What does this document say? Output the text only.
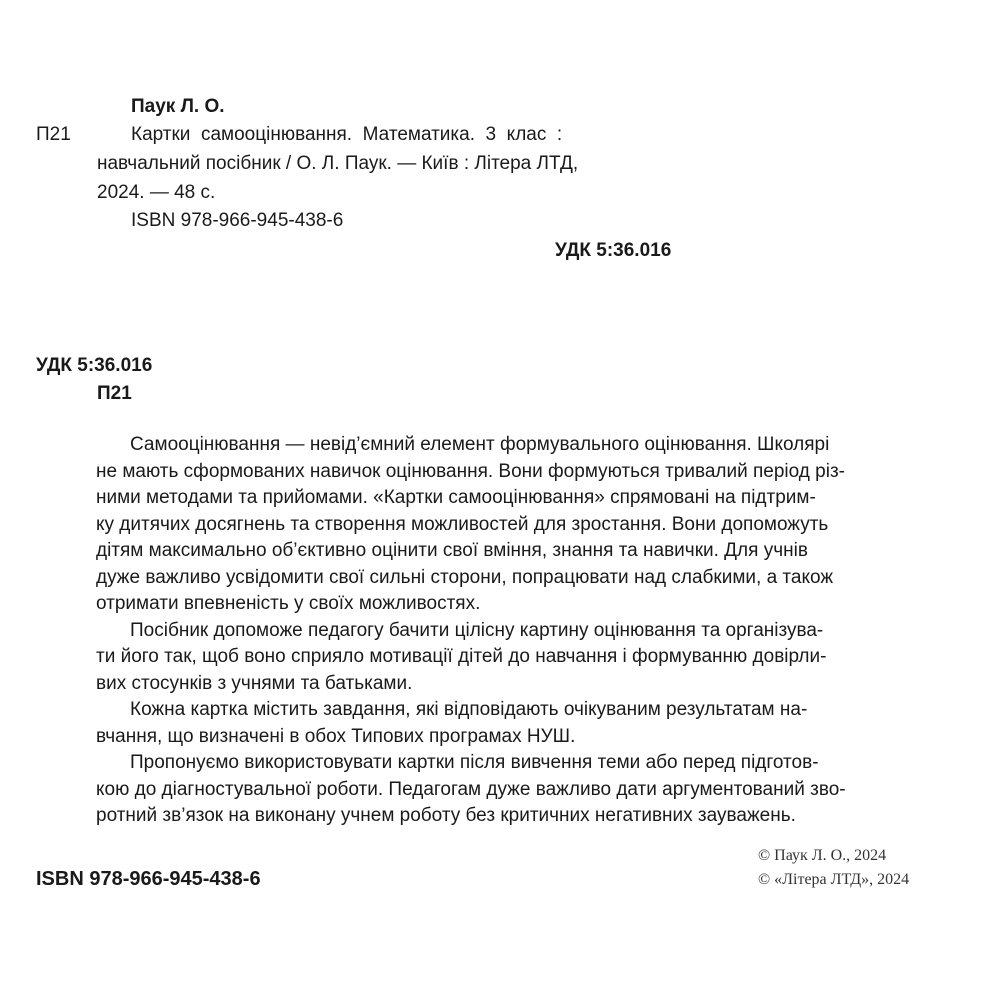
Паук Л. О.
П21	Картки  самооцінювання.  Математика.  3  клас  :
навчальний посібник / О. Л. Паук. — Київ : Літера ЛТД,
2024. — 48 с.
ISBN 978-966-945-438-6
УДК 5:36.016
УДК 5:36.016
П21
Самооцінювання — невід’ємний елемент формувального оцінювання. Школярі
не мають сформованих навичок оцінювання. Вони формуються тривалий період різ-
ними методами та прийомами. «Картки самооцінювання» спрямовані на підтрим-
ку дитячих досягнень та створення можливостей для зростання. Вони допоможуть
дітям максимально об’єктивно оцінити свої вміння, знання та навички. Для учнів
дуже важливо усвідомити свої сильні сторони, попрацювати над слабкими, а також
отримати впевненість у своїх можливостях.
Посібник допоможе педагогу бачити цілісну картину оцінювання та організува-
ти його так, щоб воно сприяло мотивації дітей до навчання і формуванню довірли-
вих стосунків з учнями та батьками.
Кожна картка містить завдання, які відповідають очікуваним результатам на-
вчання, що визначені в обох Типових програмах НУШ.
Пропонуємо використовувати картки після вивчення теми або перед підготов-
кою до діагностувальної роботи. Педагогам дуже важливо дати аргументований зво-
ротний зв’язок на виконану учнем роботу без критичних негативних зауважень.
ISBN 978-966-945-438-6
© Паук Л. О., 2024
© «Літера ЛТД», 2024
